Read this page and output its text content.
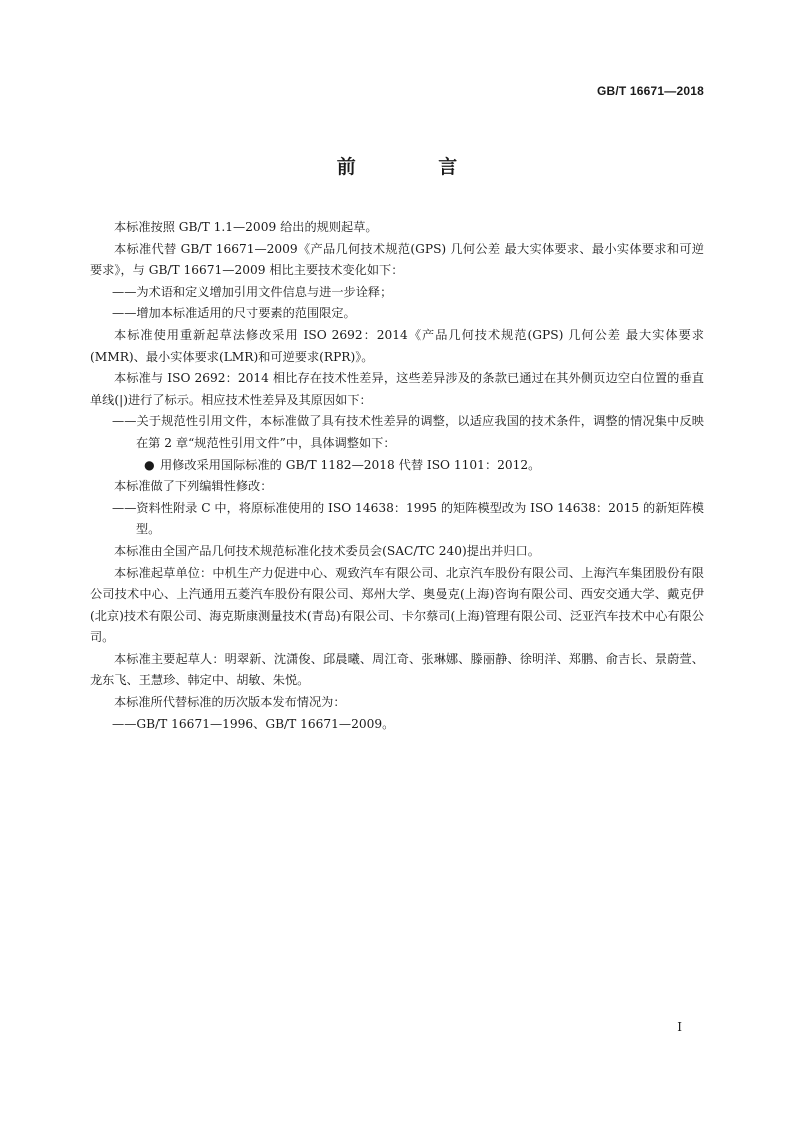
GB/T 16671—2018
前 言

本标准按照 GB/T 1.1—2009 给出的规则起草。

本标准代替 GB/T 16671—2009《产品几何技术规范(GPS) 几何公差 最大实体要求、最小实体要求和可逆要求》，与 GB/T 16671—2009 相比主要技术变化如下：

——为术语和定义增加引用文件信息与进一步诠释；

——增加本标准适用的尺寸要素的范围限定。

本标准使用重新起草法修改采用 ISO 2692：2014《产品几何技术规范(GPS) 几何公差 最大实体要求(MMR)、最小实体要求(LMR)和可逆要求(RPR)》。

本标准与 ISO 2692：2014 相比存在技术性差异，这些差异涉及的条款已通过在其外侧页边空白位置的垂直单线(|)进行了标示。相应技术性差异及其原因如下：

——关于规范性引用文件，本标准做了具有技术性差异的调整，以适应我国的技术条件，调整的情况集中反映在第 2 章“规范性引用文件”中，具体调整如下：

● 用修改采用国际标准的 GB/T 1182—2018 代替 ISO 1101：2012。

本标准做了下列编辑性修改：

——资料性附录 C 中，将原标准使用的 ISO 14638：1995 的矩阵模型改为 ISO 14638：2015 的新矩阵模型。

本标准由全国产品几何技术规范标准化技术委员会(SAC/TC 240)提出并归口。

本标准起草单位：中机生产力促进中心、观致汽车有限公司、北京汽车股份有限公司、上海汽车集团股份有限公司技术中心、上汽通用五菱汽车股份有限公司、郑州大学、奥曼克(上海)咨询有限公司、西安交通大学、戴克伊(北京)技术有限公司、海克斯康测量技术(青岛)有限公司、卡尔蔡司(上海)管理有限公司、泛亚汽车技术中心有限公司。

本标准主要起草人：明翠新、沈潇俊、邱晨曦、周江奇、张琳娜、滕丽静、徐明洋、郑鹏、俞吉长、景蔚萱、龙东飞、王慧珍、韩定中、胡敏、朱悦。

本标准所代替标准的历次版本发布情况为：

——GB/T 16671—1996、GB/T 16671—2009。

I
